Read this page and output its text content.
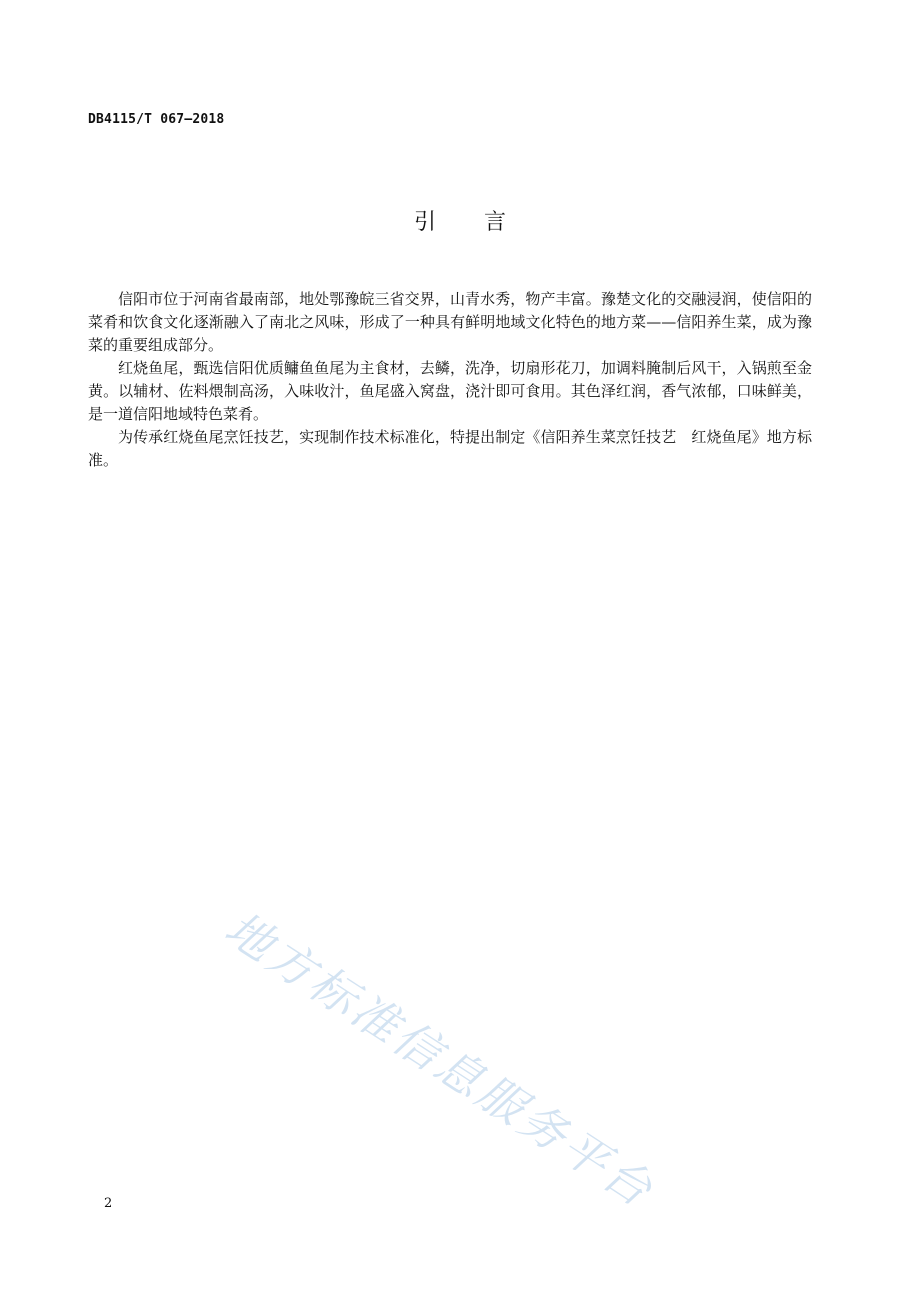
DB4115/T 067—2018
引言

信阳市位于河南省最南部，地处鄂豫皖三省交界，山青水秀，物产丰富。豫楚文化的交融浸润，使信阳的菜肴和饮食文化逐渐融入了南北之风味，形成了一种具有鲜明地域文化特色的地方菜——信阳养生菜，成为豫菜的重要组成部分。

红烧鱼尾，甄选信阳优质鳙鱼鱼尾为主食材，去鳞，洗净，切扇形花刀，加调料腌制后风干，入锅煎至金黄。以辅材、佐料煨制高汤，入味收汁，鱼尾盛入窝盘，浇汁即可食用。其色泽红润，香气浓郁，口味鲜美，是一道信阳地域特色菜肴。

为传承红烧鱼尾烹饪技艺，实现制作技术标准化，特提出制定《信阳养生菜烹饪技艺　红烧鱼尾》地方标准。

地方标准信息服务平台
2
